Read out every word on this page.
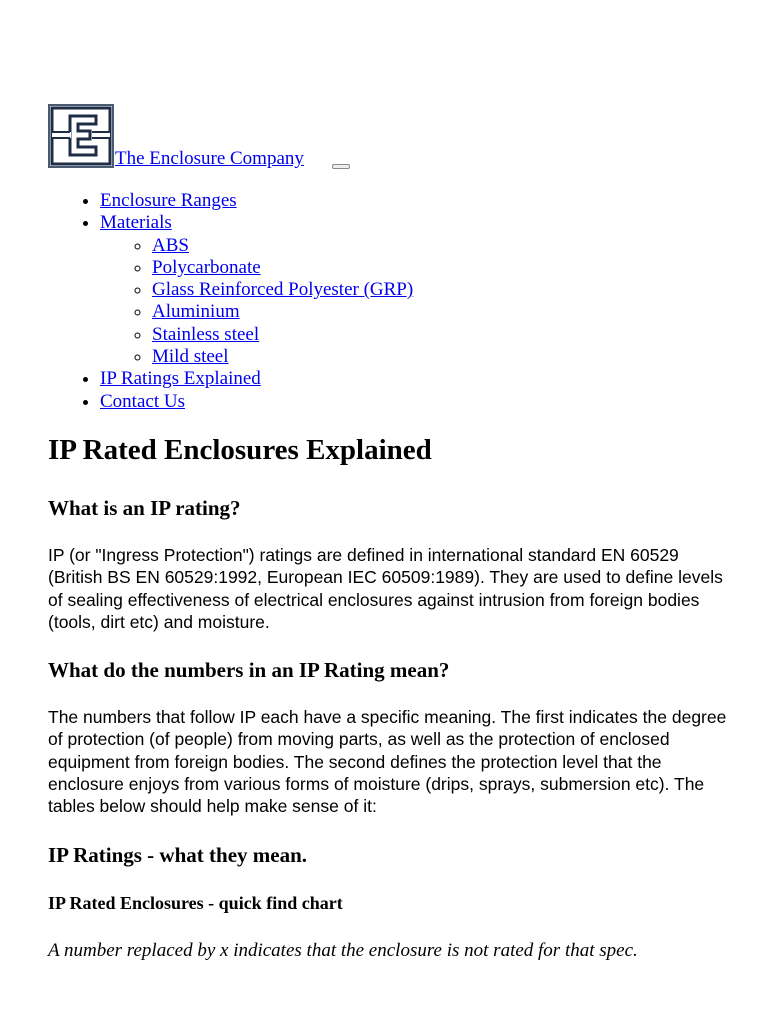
The Enclosure Company
• Enclosure Ranges
• Materials
◦ ABS
◦ Polycarbonate
◦ Glass Reinforced Polyester (GRP)
◦ Aluminium
◦ Stainless steel
◦ Mild steel
• IP Ratings Explained
• Contact Us
IP Rated Enclosures Explained
What is an IP rating?

IP (or "Ingress Protection") ratings are defined in international standard EN 60529 (British BS EN 60529:1992, European IEC 60509:1989). They are used to define levels of sealing effectiveness of electrical enclosures against intrusion from foreign bodies (tools, dirt etc) and moisture.

What do the numbers in an IP Rating mean?

The numbers that follow IP each have a specific meaning. The first indicates the degree of protection (of people) from moving parts, as well as the protection of enclosed equipment from foreign bodies. The second defines the protection level that the enclosure enjoys from various forms of moisture (drips, sprays, submersion etc). The tables below should help make sense of it:

IP Ratings - what they mean.
IP Rated Enclosures - quick find chart

A number replaced by x indicates that the enclosure is not rated for that spec.
